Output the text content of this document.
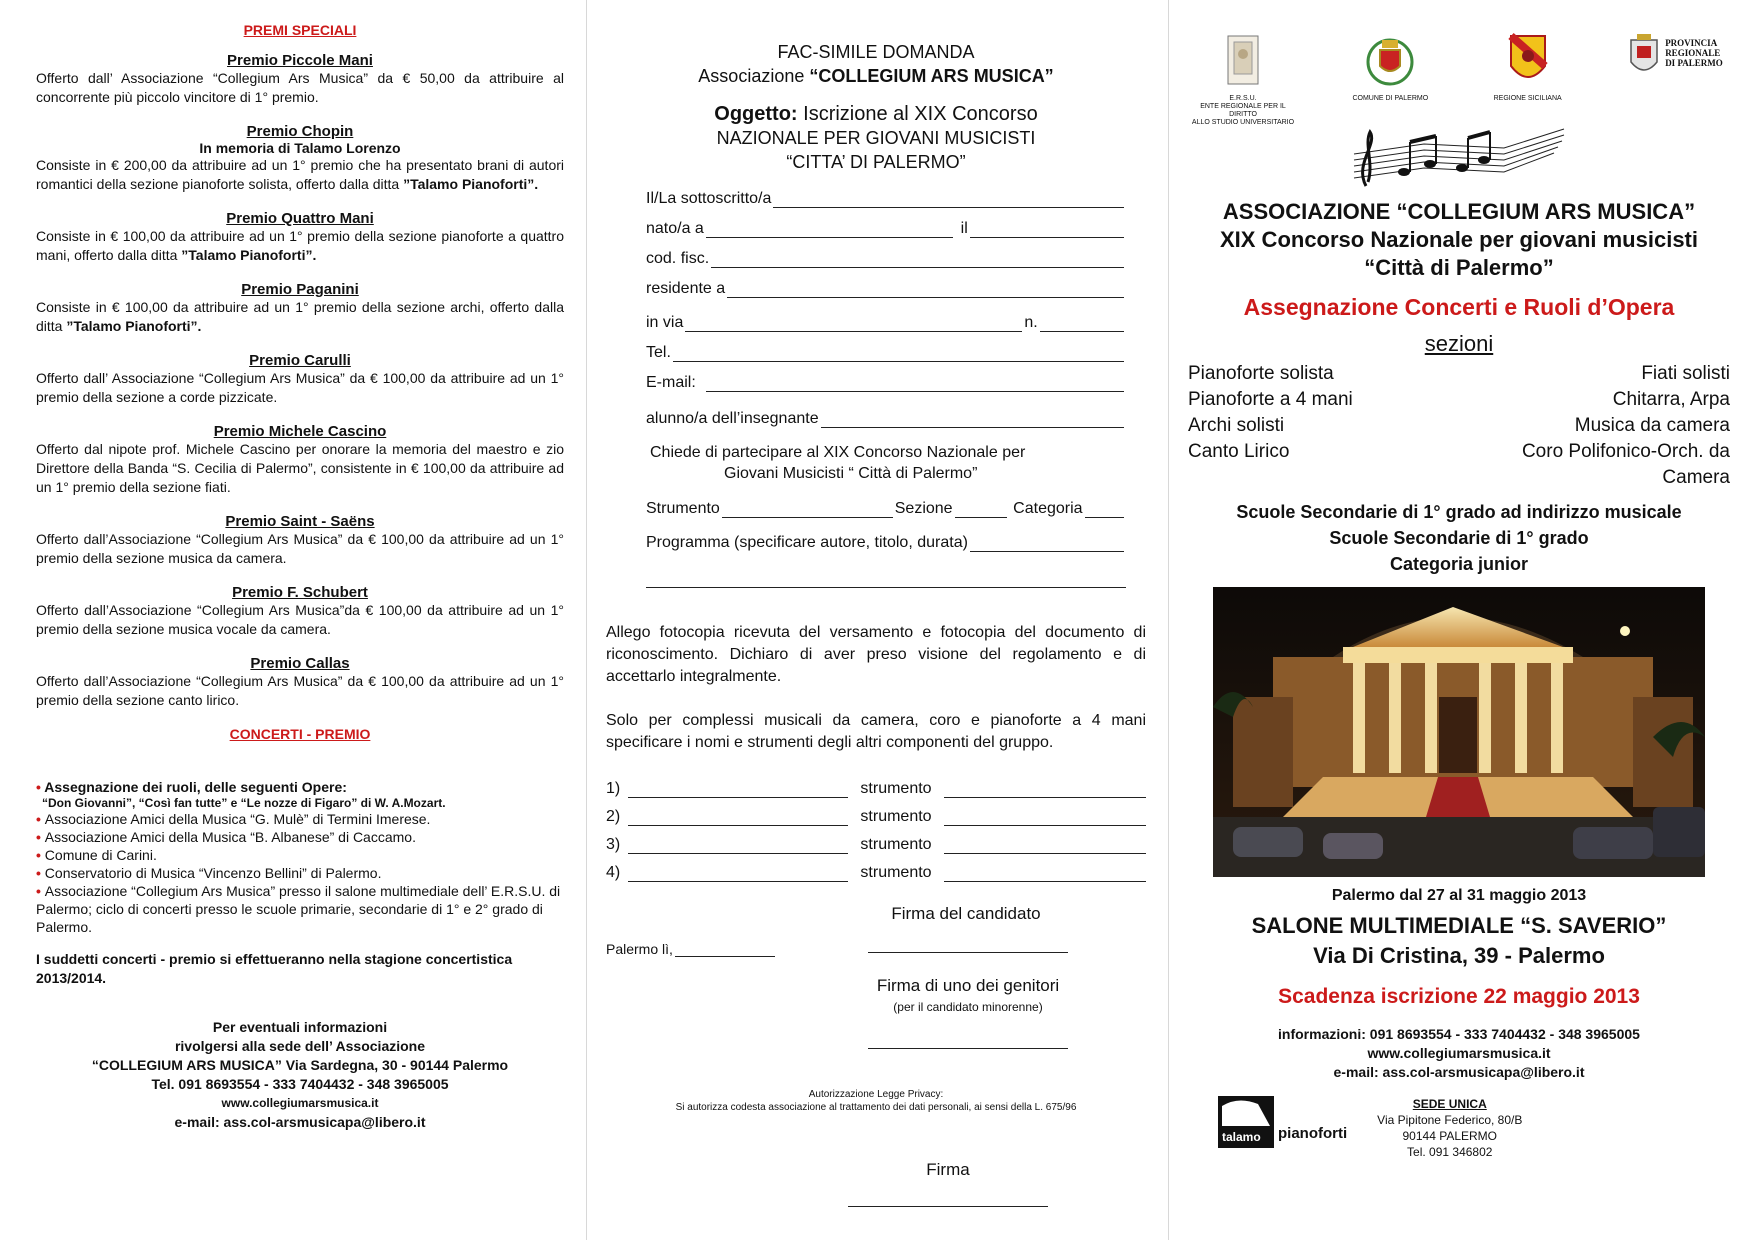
PREMI SPECIALI
Premio Piccole Mani
Offerto dall’ Associazione “Collegium Ars Musica” da € 50,00 da attribuire al concorrente più piccolo vincitore di 1° premio.
Premio Chopin
In memoria di Talamo Lorenzo
Consiste in € 200,00 da attribuire ad un 1° premio che ha presentato brani di autori romantici della sezione pianoforte solista, offerto dalla ditta ”Talamo Pianoforti”.
Premio Quattro Mani
Consiste in € 100,00 da attribuire ad un 1° premio della sezione pianoforte a quattro mani, offerto dalla ditta ”Talamo Pianoforti”.
Premio Paganini
Consiste in € 100,00 da attribuire ad un 1° premio della sezione archi, offerto dalla ditta ”Talamo Pianoforti”.
Premio Carulli
Offerto dall’ Associazione “Collegium Ars Musica” da € 100,00 da attribuire ad un 1° premio della sezione a corde pizzicate.
Premio Michele Cascino
Offerto dal nipote prof. Michele Cascino per onorare la memoria del maestro e zio Direttore della Banda “S. Cecilia di Palermo”, consistente in € 100,00 da attribuire ad un 1° premio della sezione fiati.
Premio Saint - Saëns
Offerto dall’Associazione “Collegium Ars Musica” da € 100,00 da attribuire ad un 1° premio della sezione musica da camera.
Premio F. Schubert
Offerto dall’Associazione “Collegium Ars Musica”da € 100,00 da attribuire ad un 1° premio della sezione musica vocale da camera.
Premio Callas
Offerto dall’Associazione “Collegium Ars Musica” da € 100,00 da attribuire ad un 1° premio della sezione canto lirico.
CONCERTI - PREMIO
• Assegnazione dei ruoli, delle seguenti Opere:
“Don Giovanni”, “Così fan tutte” e “Le nozze di Figaro” di W. A.Mozart.
• Associazione Amici della Musica “G. Mulè” di Termini Imerese.
• Associazione Amici della Musica “B. Albanese” di Caccamo.
• Comune di Carini.
• Conservatorio di Musica “Vincenzo Bellini” di Palermo.
• Associazione “Collegium Ars Musica” presso il salone multimediale dell’ E.R.S.U. di Palermo; ciclo di concerti presso le scuole primarie, secondarie di 1° e 2° grado di Palermo.
I suddetti concerti - premio si effettueranno nella stagione concertistica 2013/2014.
Per eventuali informazioni
rivolgersi alla sede dell’ Associazione
“COLLEGIUM ARS MUSICA” Via Sardegna, 30 - 90144 Palermo
Tel. 091 8693554 - 333 7404432 - 348 3965005
www.collegiumarsmusica.it
e-mail: ass.col-arsmusicapa@libero.it
FAC-SIMILE DOMANDA
Associazione “COLLEGIUM ARS MUSICA”
Oggetto: Iscrizione al XIX Concorso
NAZIONALE PER GIOVANI MUSICISTI
“CITTA’ DI PALERMO”
Il/La sottoscritto/a
nato/a a	il
cod. fisc.
residente a
in via	n.
Tel.
E-mail:
alunno/a dell’insegnante
Chiede di partecipare al XIX Concorso Nazionale per
Giovani Musicisti “ Città di Palermo”
Strumento	Sezione	Categoria
Programma (specificare autore, titolo, durata)
Allego fotocopia ricevuta del versamento e fotocopia del documento di riconoscimento. Dichiaro di aver preso visione del regolamento e di accettarlo integralmente.
Solo per complessi musicali da camera, coro e pianoforte a 4 mani specificare i nomi e strumenti degli altri componenti del gruppo.
1)	strumento
2)	strumento
3)	strumento
4)	strumento
Firma del candidato
Palermo lì,
Firma di uno dei genitori
(per il candidato minorenne)
Autorizzazione Legge Privacy:
Si autorizza codesta associazione al trattamento dei dati personali, ai sensi della L. 675/96
Firma
E.R.S.U.
ENTE REGIONALE PER IL DIRITTO
ALLO STUDIO UNIVERSITARIO
COMUNE DI PALERMO	REGIONE SICILIANA
PROVINCIA
REGIONALE
DI PALERMO
ASSOCIAZIONE “COLLEGIUM ARS MUSICA”
XIX Concorso Nazionale per giovani musicisti
“Città di Palermo”
Assegnazione Concerti e Ruoli d’Opera
sezioni
Pianoforte solista	Fiati solisti
Pianoforte a 4 mani	Chitarra, Arpa
Archi solisti	Musica da camera
Canto Lirico	Coro Polifonico-Orch. da Camera
Scuole Secondarie di 1° grado ad indirizzo musicale
Scuole Secondarie di 1° grado
Categoria junior
Palermo dal 27 al 31 maggio 2013
SALONE MULTIMEDIALE “S. SAVERIO”
Via Di Cristina, 39 - Palermo
Scadenza iscrizione 22 maggio 2013
informazioni: 091 8693554 - 333 7404432 - 348 3965005
www.collegiumarsmusica.it
e-mail: ass.col-arsmusicapa@libero.it
talamo pianoforti
SEDE UNICA
Via Pipitone Federico, 80/B
90144 PALERMO
Tel. 091 346802
